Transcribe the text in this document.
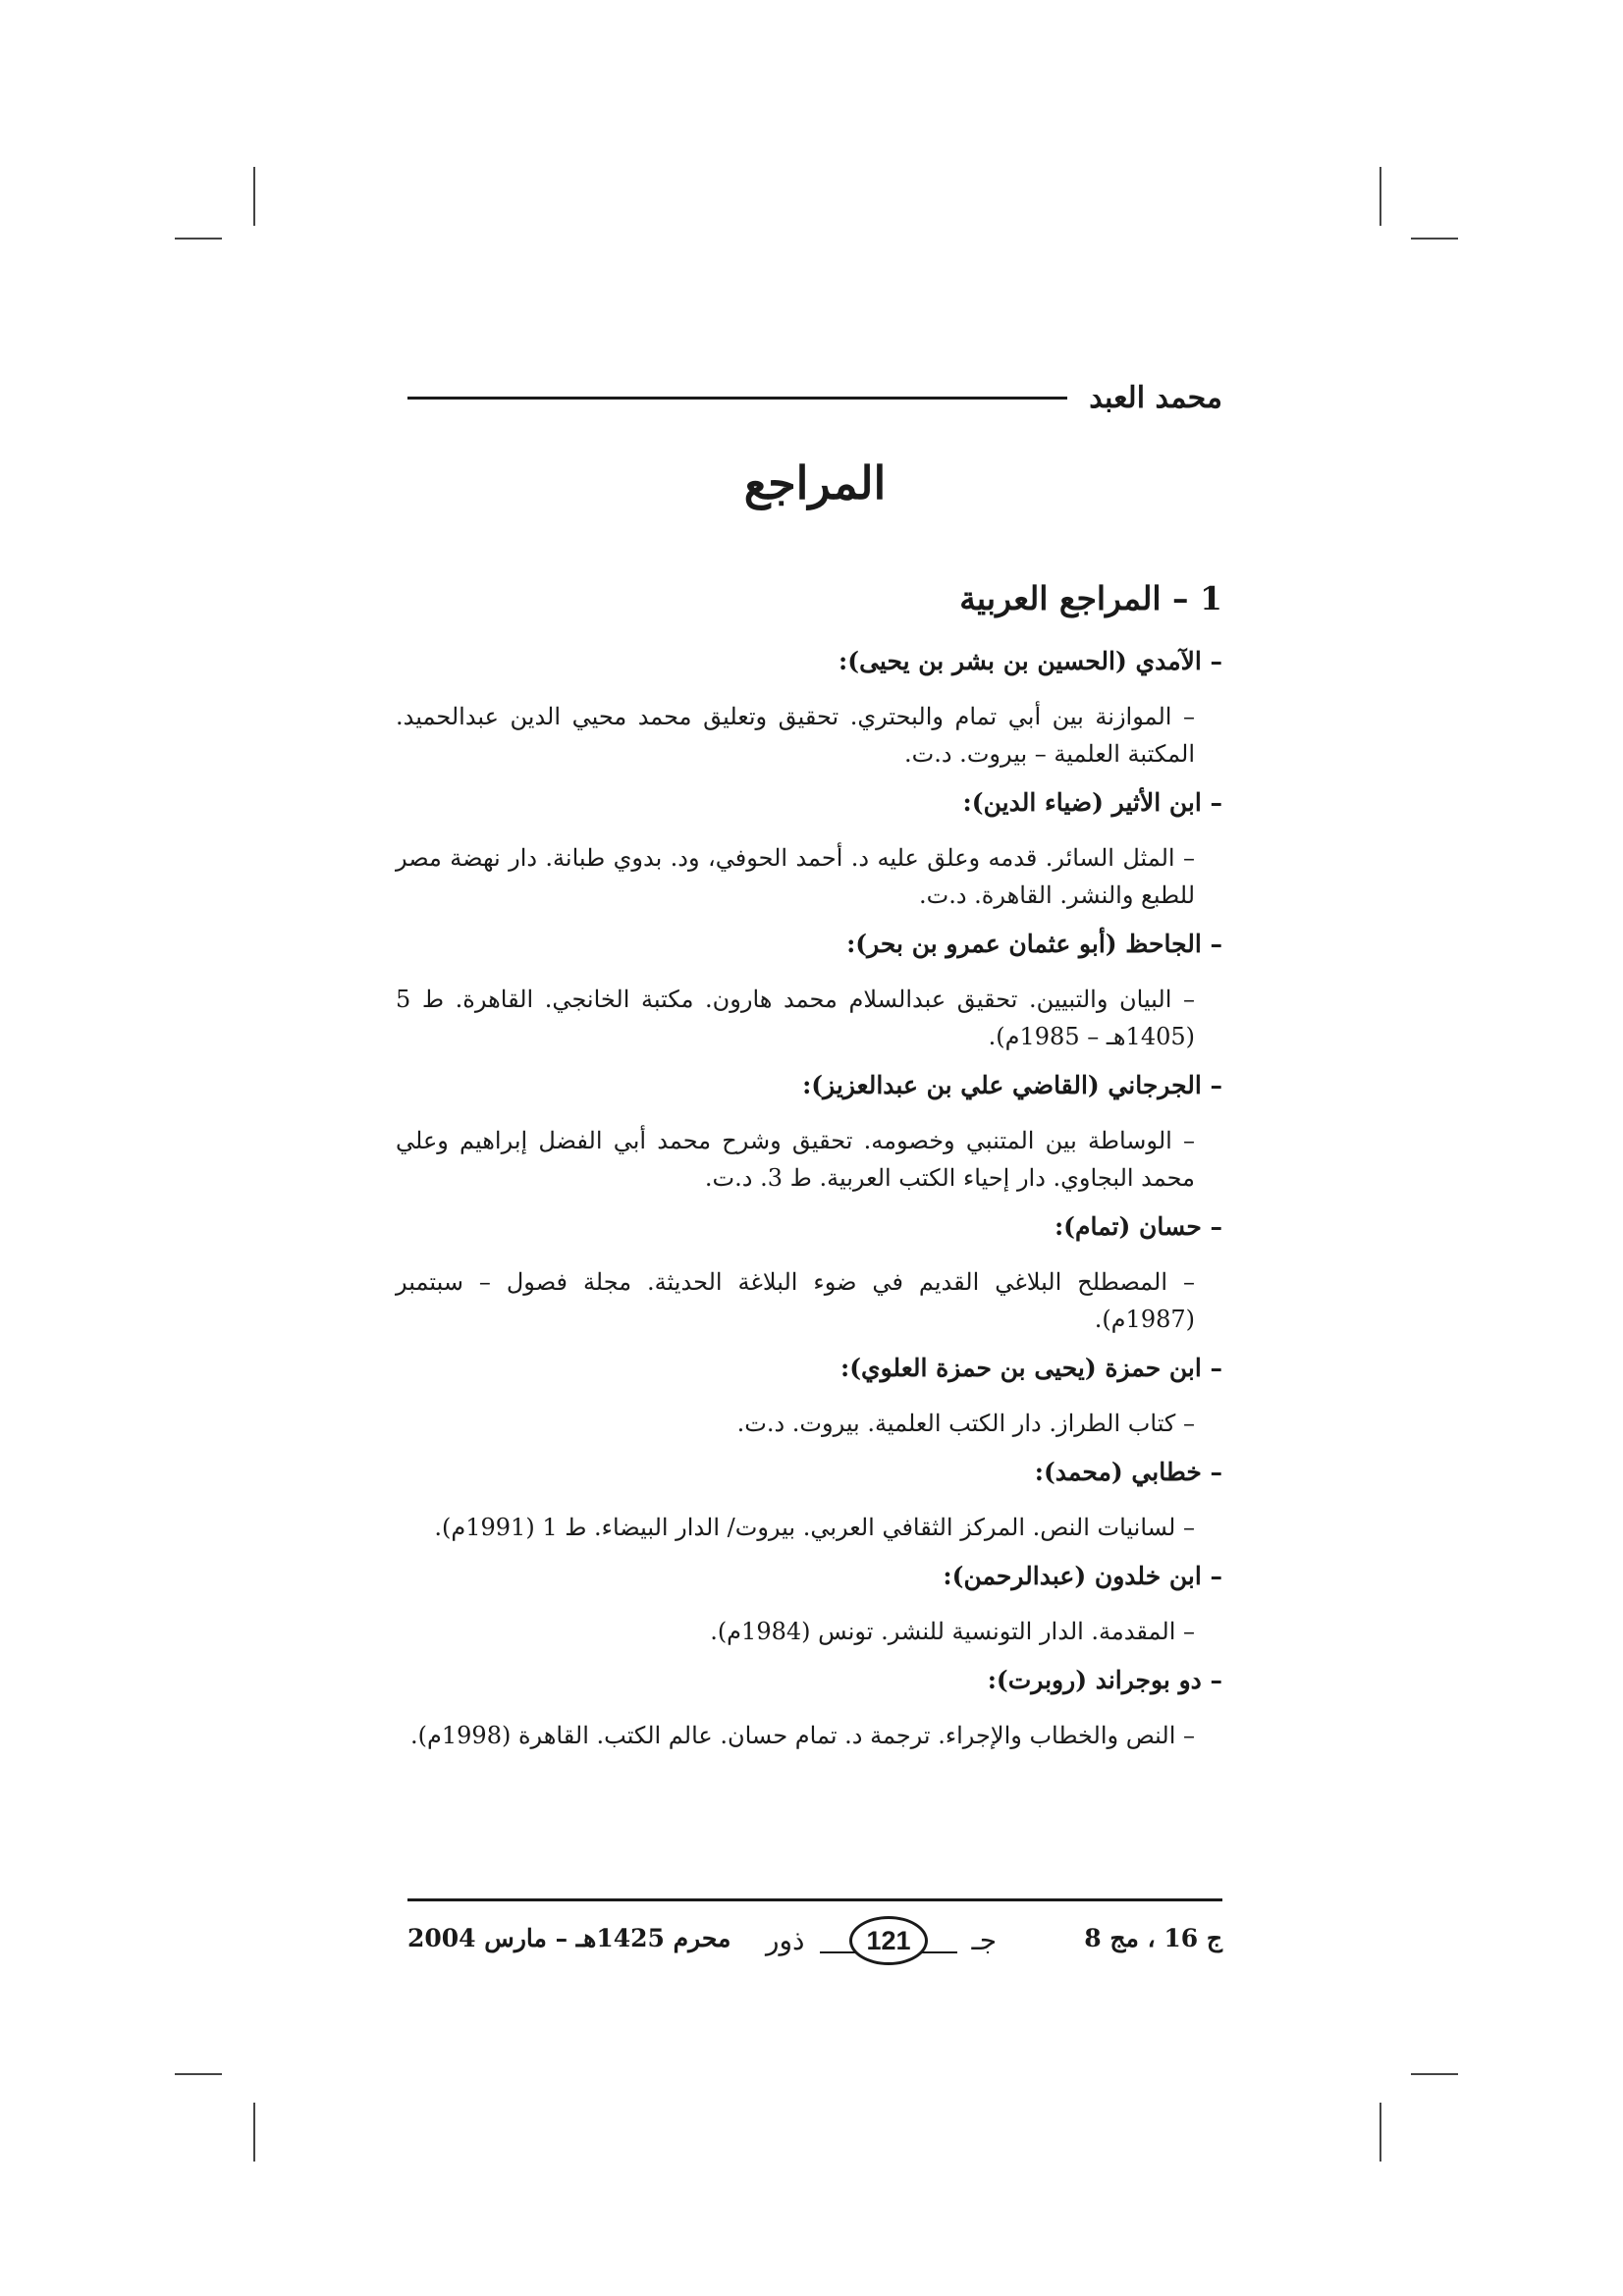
محمد العبد
المراجع
1 – المراجع العربية
– الآمدي (الحسين بن بشر بن يحيى):
– الموازنة بين أبي تمام والبحتري. تحقيق وتعليق محمد محيي الدين عبدالحميد. المكتبة العلمية – بيروت. د.ت.
– ابن الأثير (ضياء الدين):
– المثل السائر. قدمه وعلق عليه د. أحمد الحوفي، ود. بدوي طبانة. دار نهضة مصر للطبع والنشر. القاهرة. د.ت.
– الجاحظ (أبو عثمان عمرو بن بحر):
– البيان والتبيين. تحقيق عبدالسلام محمد هارون. مكتبة الخانجي. القاهرة. ط 5 (1405هـ – 1985م).
– الجرجاني (القاضي علي بن عبدالعزيز):
– الوساطة بين المتنبي وخصومه. تحقيق وشرح محمد أبي الفضل إبراهيم وعلي محمد البجاوي. دار إحياء الكتب العربية. ط 3. د.ت.
– حسان (تمام):
– المصطلح البلاغي القديم في ضوء البلاغة الحديثة. مجلة فصول – سبتمبر (1987م).
– ابن حمزة (يحيى بن حمزة العلوي):
– كتاب الطراز. دار الكتب العلمية. بيروت. د.ت.
– خطابي (محمد):
– لسانيات النص. المركز الثقافي العربي. بيروت/ الدار البيضاء. ط 1 (1991م).
– ابن خلدون (عبدالرحمن):
– المقدمة. الدار التونسية للنشر. تونس (1984م).
– دو بوجراند (روبرت):
– النص والخطاب والإجراء. ترجمة د. تمام حسان. عالم الكتب. القاهرة (1998م).
ج 16 ، مج 8
جـ
ذور	121
محرم 1425هـ – مارس 2004
